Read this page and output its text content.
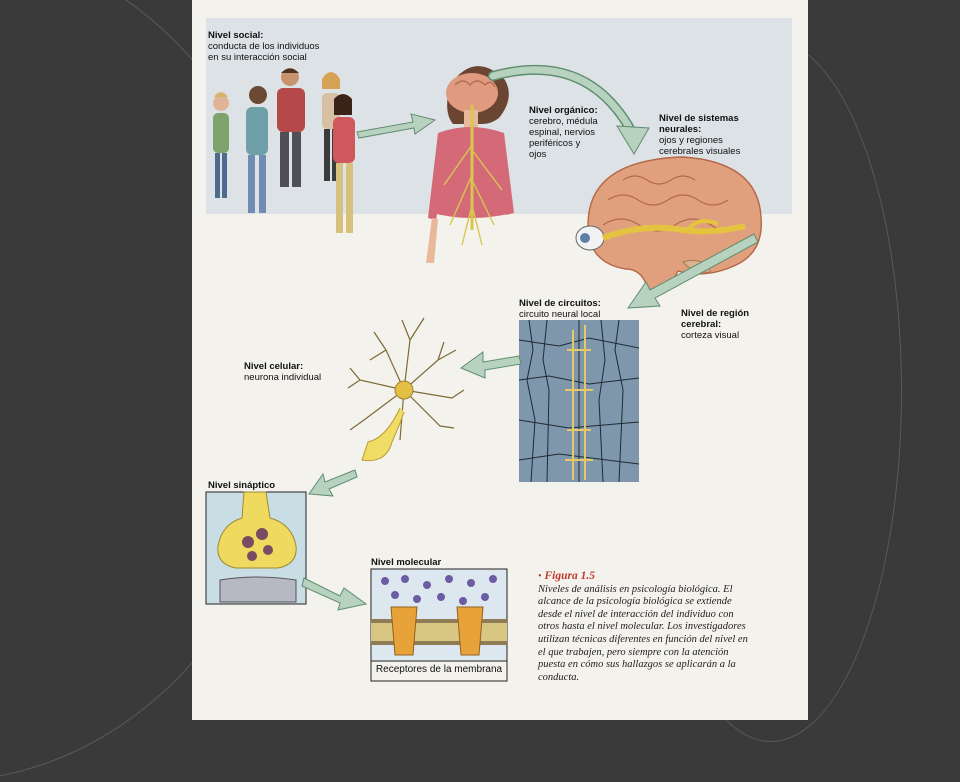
Nivel social:
conducta de los individuos
en su interacción social
Nivel orgánico:
cerebro, médula
espinal, nervios
periféricos y
ojos
Nivel de sistemas
neurales:
ojos y regiones
cerebrales visuales
Nivel de región
cerebral:
corteza visual
Nivel de circuitos:
circuito neural local
Nivel celular:
neurona individual
Nivel sináptico
Nivel molecular
Receptores de la membrana
• Figura 1.5
Niveles de análisis en psicología biológica. El alcance de la psicología biológica se extiende desde el nivel de interacción del individuo con otros hasta el nivel molecular. Los investigadores utilizan técnicas diferentes en función del nivel en el que trabajen, pero siempre con la atención puesta en cómo sus hallazgos se aplicarán a la conducta.
